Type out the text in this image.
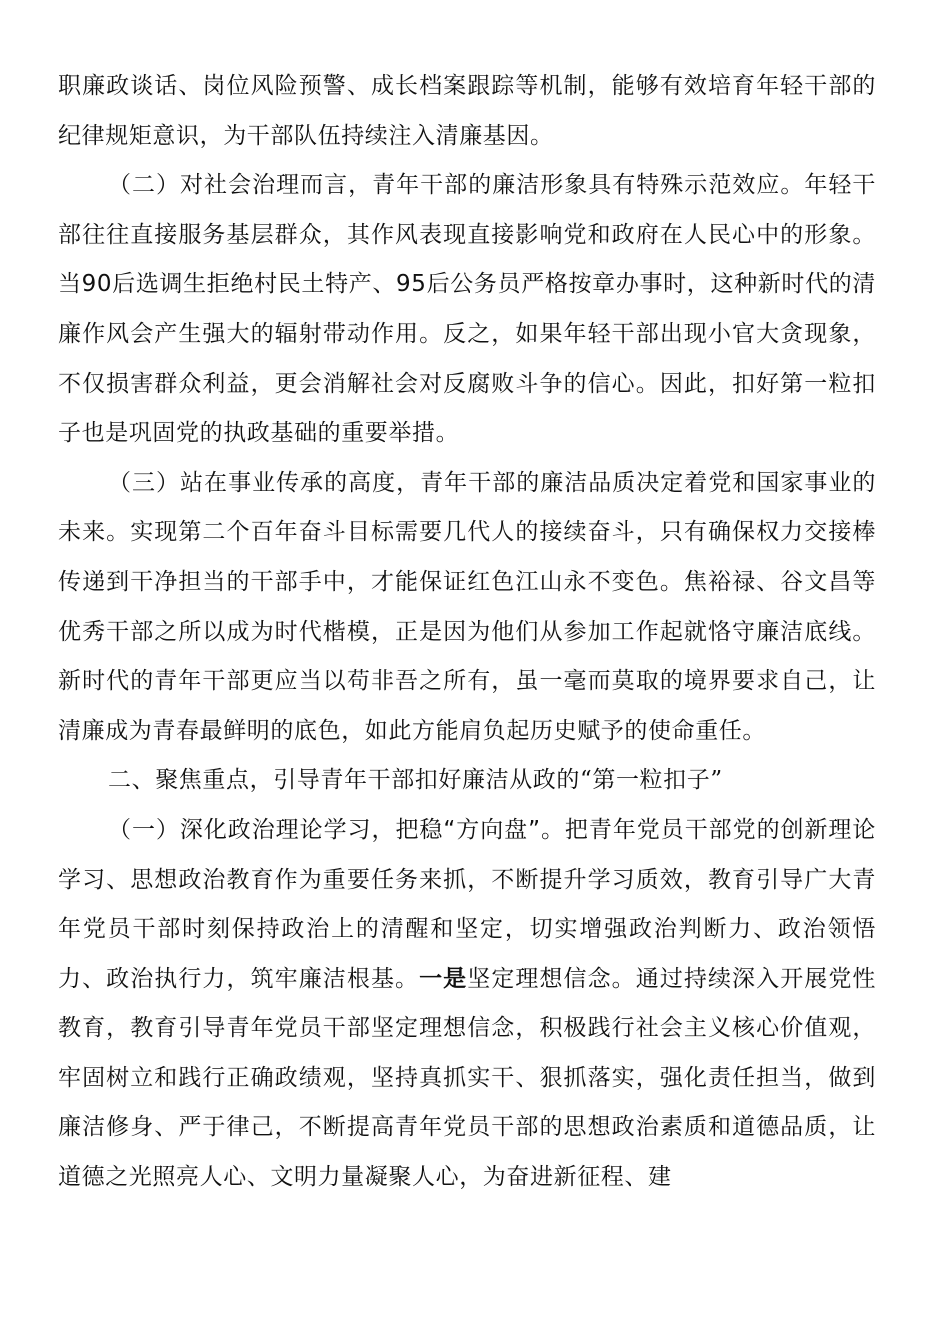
职廉政谈话、岗位风险预警、成长档案跟踪等机制，能够有效培育年轻干部的纪律规矩意识，为干部队伍持续注入清廉基因。

（二）对社会治理而言，青年干部的廉洁形象具有特殊示范效应。年轻干部往往直接服务基层群众，其作风表现直接影响党和政府在人民心中的形象。当90后选调生拒绝村民土特产、95后公务员严格按章办事时，这种新时代的清廉作风会产生强大的辐射带动作用。反之，如果年轻干部出现小官大贪现象，不仅损害群众利益，更会消解社会对反腐败斗争的信心。因此，扣好第一粒扣子也是巩固党的执政基础的重要举措。

（三）站在事业传承的高度，青年干部的廉洁品质决定着党和国家事业的未来。实现第二个百年奋斗目标需要几代人的接续奋斗，只有确保权力交接棒传递到干净担当的干部手中，才能保证红色江山永不变色。焦裕禄、谷文昌等优秀干部之所以成为时代楷模，正是因为他们从参加工作起就恪守廉洁底线。新时代的青年干部更应当以苟非吾之所有，虽一毫而莫取的境界要求自己，让清廉成为青春最鲜明的底色，如此方能肩负起历史赋予的使命重任。

二、聚焦重点，引导青年干部扣好廉洁从政的“第一粒扣子”

（一）深化政治理论学习，把稳“方向盘”。把青年党员干部党的创新理论学习、思想政治教育作为重要任务来抓，不断提升学习质效，教育引导广大青年党员干部时刻保持政治上的清醒和坚定，切实增强政治判断力、政治领悟力、政治执行力，筑牢廉洁根基。一是坚定理想信念。通过持续深入开展党性教育，教育引导青年党员干部坚定理想信念，积极践行社会主义核心价值观，牢固树立和践行正确政绩观，坚持真抓实干、狠抓落实，强化责任担当，做到廉洁修身、严于律己，不断提高青年党员干部的思想政治素质和道德品质，让道德之光照亮人心、文明力量凝聚人心，为奋进新征程、建
